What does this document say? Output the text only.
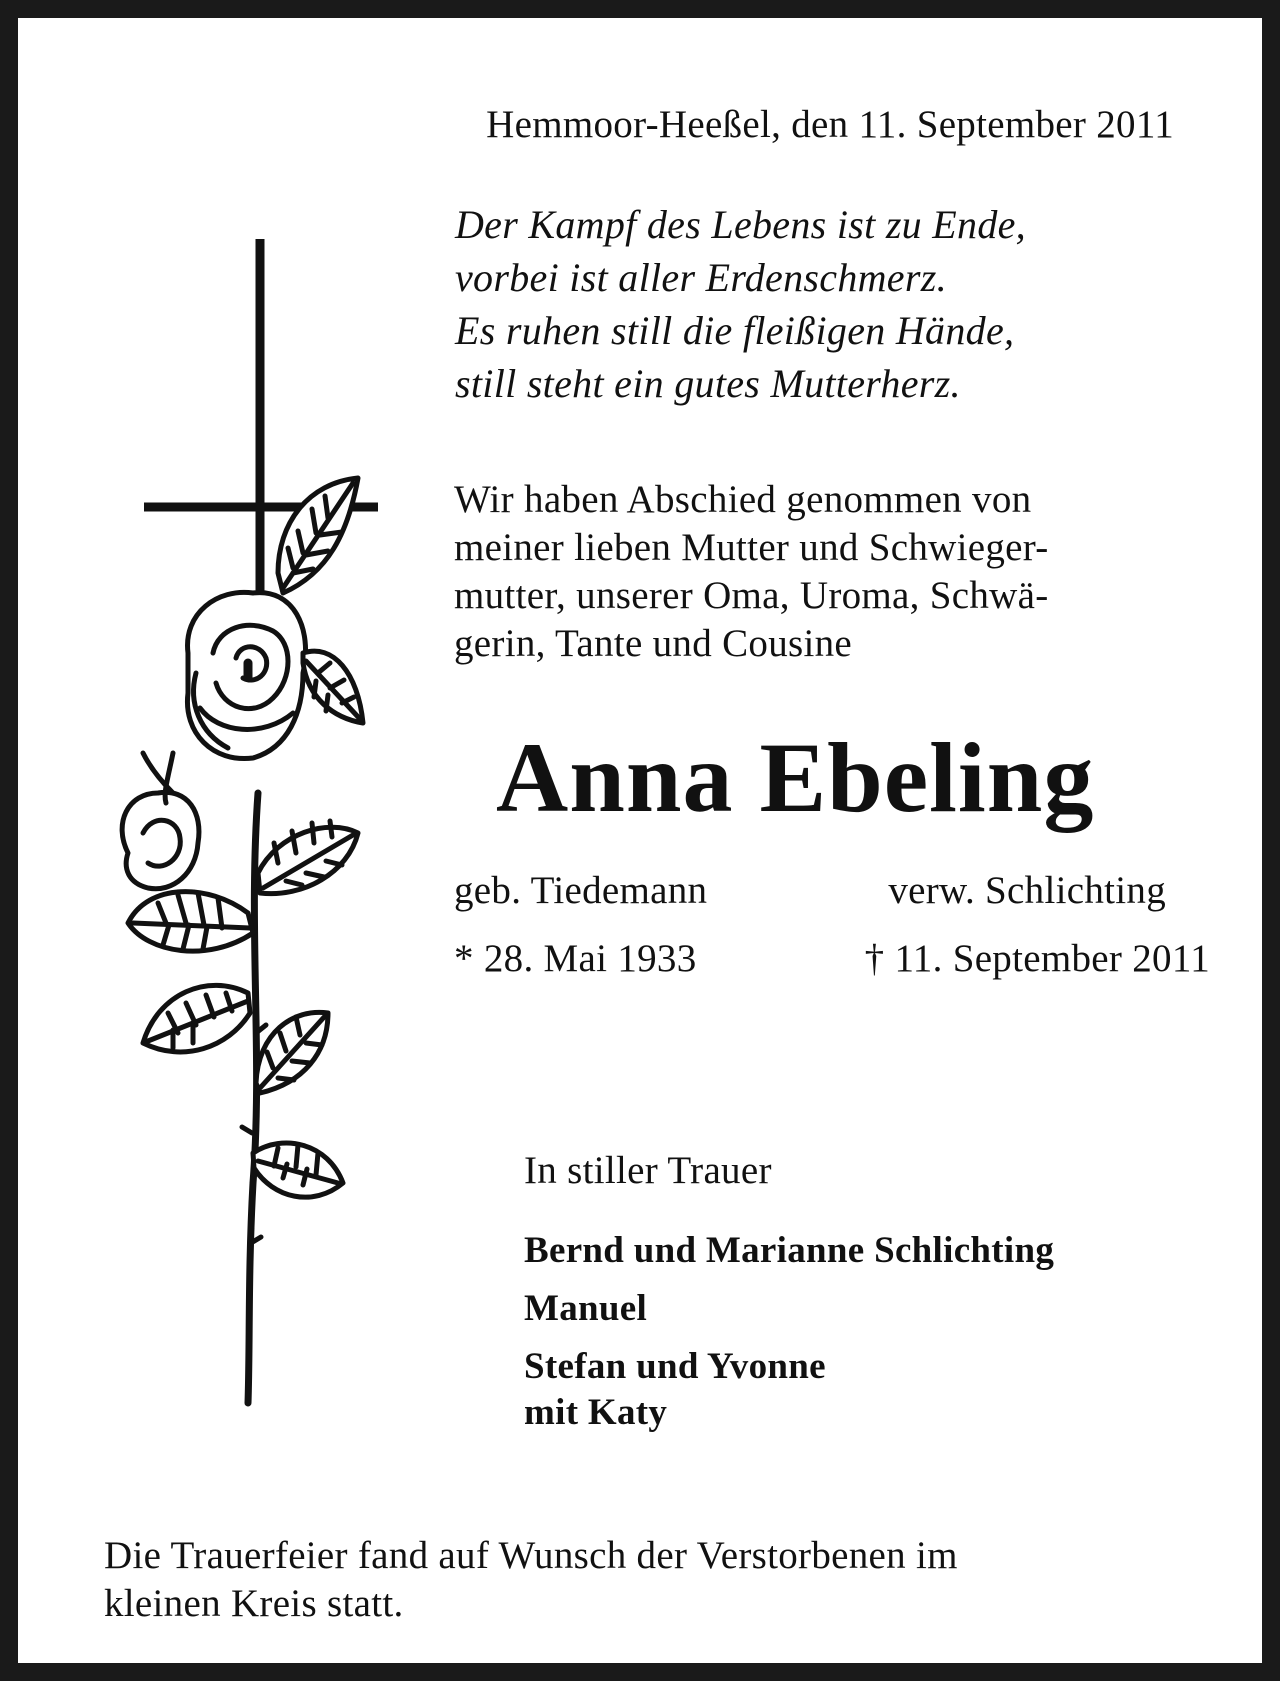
Hemmoor-Heeßel, den 11. September 2011
Der Kampf des Lebens ist zu Ende,
vorbei ist aller Erdenschmerz.
Es ruhen still die fleißigen Hände,
still steht ein gutes Mutterherz.
Wir haben Abschied genommen von
meiner lieben Mutter und Schwieger-
mutter, unserer Oma, Uroma, Schwä-
gerin, Tante und Cousine
Anna Ebeling
geb. Tiedemann	verw. Schlichting
* 28. Mai 1933	† 11. September 2011
In stiller Trauer
Bernd und Marianne Schlichting
Manuel
Stefan und Yvonne
mit Katy
Die Trauerfeier fand auf Wunsch der Verstorbenen im
kleinen Kreis statt.
